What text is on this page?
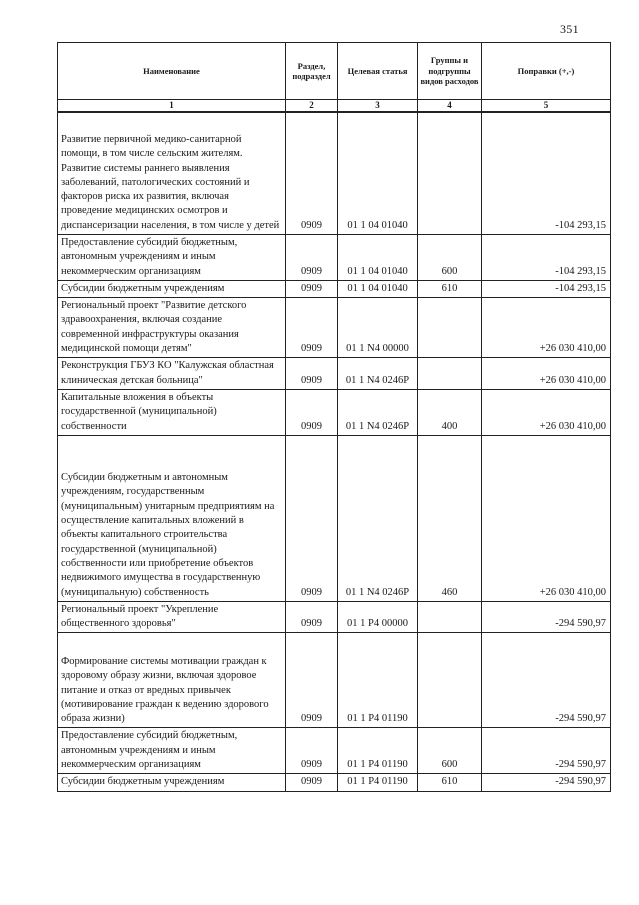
351
Наименование	Раздел, подраздел	Целевая статья	Группы и подгруппы видов расходов	Поправки (+,-)
1	2	3	4	5
Развитие первичной медико-санитарной помощи, в том числе сельским жителям. Развитие системы раннего выявления заболеваний, патологических состояний и факторов риска их развития, включая проведение медицинских осмотров и диспансеризации населения, в том числе у детей	0909	01 1 04 01040		-104 293,15
Предоставление субсидий бюджетным, автономным учреждениям и иным некоммерческим организациям	0909	01 1 04 01040	600	-104 293,15
Субсидии бюджетным учреждениям	0909	01 1 04 01040	610	-104 293,15
Региональный проект "Развитие детского здравоохранения, включая создание современной инфраструктуры оказания медицинской помощи детям"	0909	01 1 N4 00000		+26 030 410,00
Реконструкция ГБУЗ КО "Калужская областная клиническая детская больница"	0909	01 1 N4 0246P		+26 030 410,00
Капитальные вложения в объекты государственной (муниципальной) собственности	0909	01 1 N4 0246P	400	+26 030 410,00
Субсидии бюджетным и автономным учреждениям, государственным (муниципальным) унитарным предприятиям на осуществление капитальных вложений в объекты капитального строительства государственной (муниципальной) собственности или приобретение объектов недвижимого имущества в государственную (муниципальную) собственность	0909	01 1 N4 0246P	460	+26 030 410,00
Региональный проект "Укрепление общественного здоровья"	0909	01 1 P4 00000		-294 590,97
Формирование системы мотивации граждан к здоровому образу жизни, включая здоровое питание и отказ от вредных привычек (мотивирование граждан к ведению здорового образа жизни)	0909	01 1 P4 01190		-294 590,97
Предоставление субсидий бюджетным, автономным учреждениям и иным некоммерческим организациям	0909	01 1 P4 01190	600	-294 590,97
Субсидии бюджетным учреждениям	0909	01 1 P4 01190	610	-294 590,97
